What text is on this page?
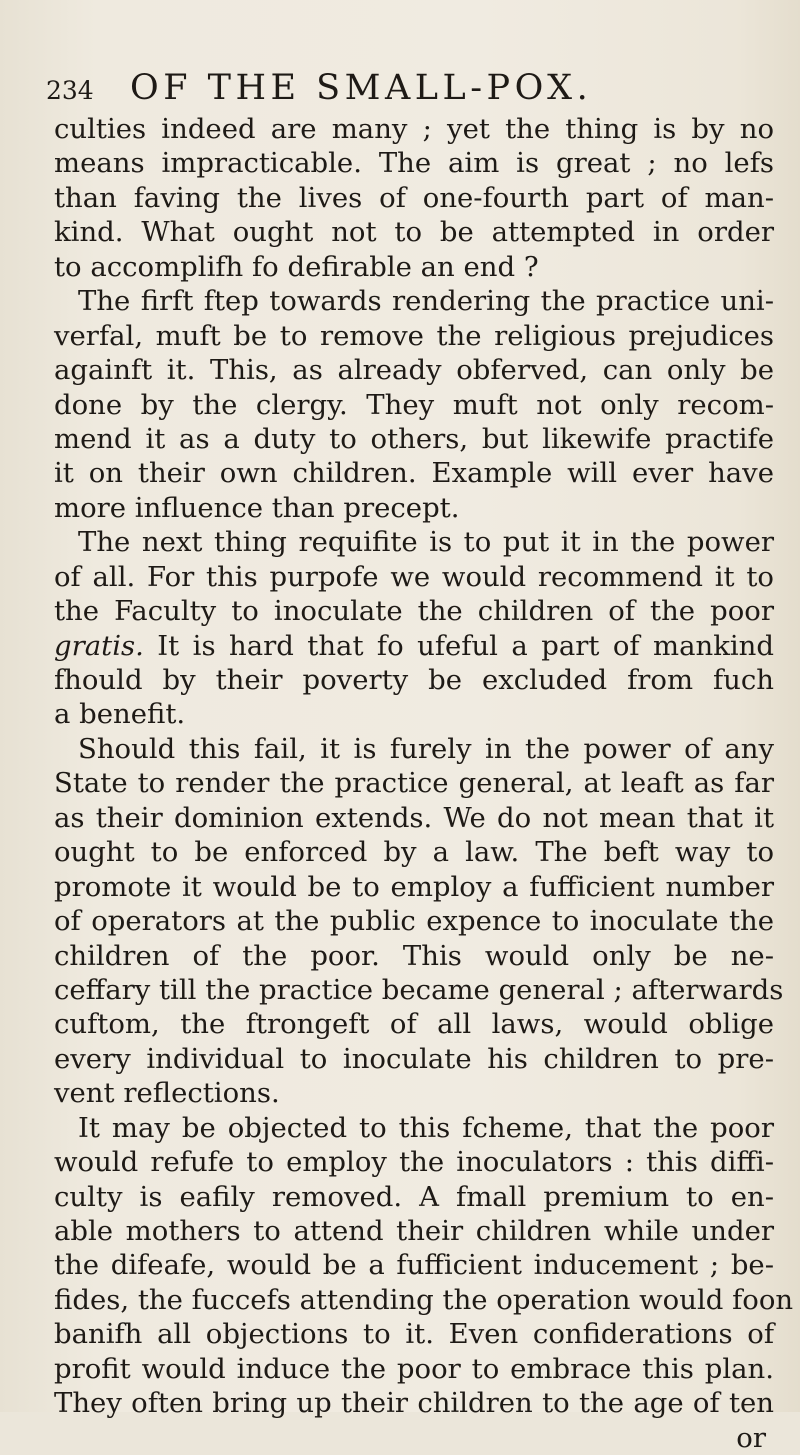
234 OF THE SMALL-POX.
culties indeed are many ; yet the thing is by no
means impracticable. The aim is great ; no lefs
than faving the lives of one-fourth part of man-
kind. What ought not to be attempted in order
to accomplifh fo defirable an end ?
The firft ftep towards rendering the practice uni-
verfal, muft be to remove the religious prejudices
againft it. This, as already obferved, can only be
done by the clergy. They muft not only recom-
mend it as a duty to others, but likewife practife
it on their own children. Example will ever have
more influence than precept.
The next thing requifite is to put it in the power
of all. For this purpofe we would recommend it to
the Faculty to inoculate the children of the poor
gratis. It is hard that fo ufeful a part of mankind
fhould by their poverty be excluded from fuch
a benefit.
Should this fail, it is furely in the power of any
State to render the practice general, at leaft as far
as their dominion extends. We do not mean that it
ought to be enforced by a law. The beft way to
promote it would be to employ a fufficient number
of operators at the public expence to inoculate the
children of the poor. This would only be ne-
ceffary till the practice became general ; afterwards
cuftom, the ftrongeft of all laws, would oblige
every individual to inoculate his children to pre-
vent reflections.
It may be objected to this fcheme, that the poor
would refufe to employ the inoculators : this diffi-
culty is eafily removed. A fmall premium to en-
able mothers to attend their children while under
the difeafe, would be a fufficient inducement ; be-
fides, the fuccefs attending the operation would foon
banifh all objections to it. Even confiderations of
profit would induce the poor to embrace this plan.
They often bring up their children to the age of ten
or
